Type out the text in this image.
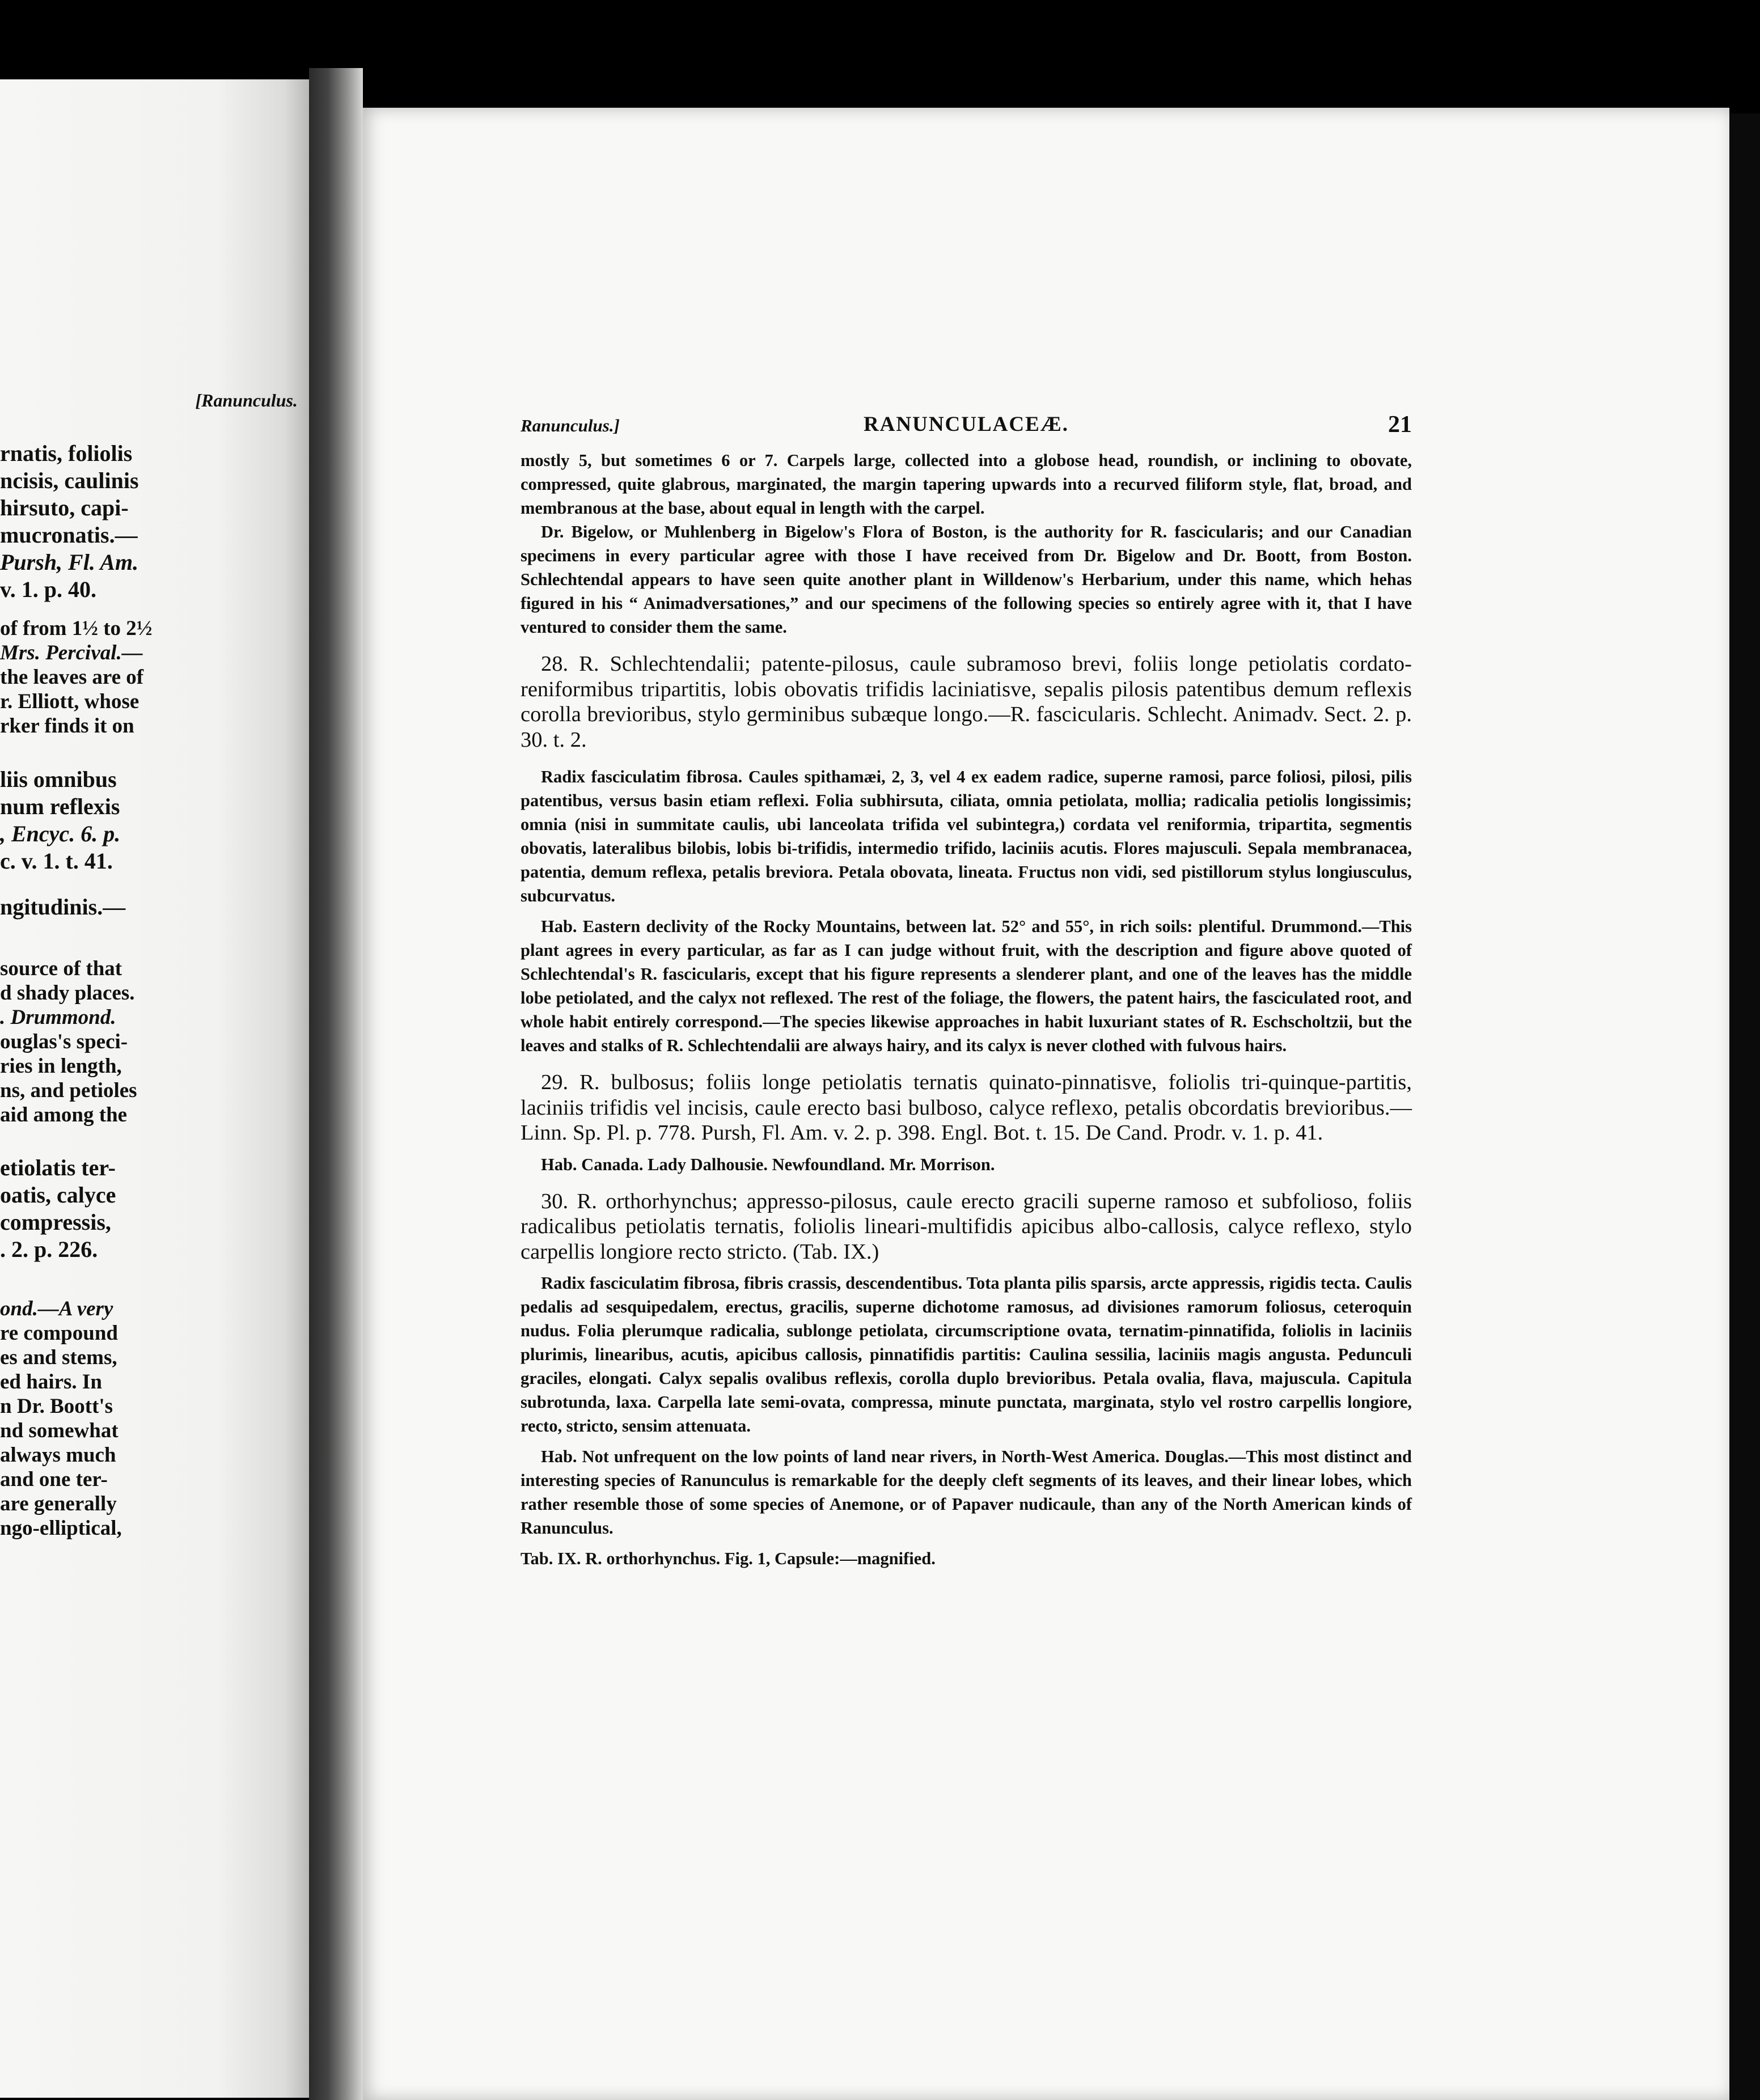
[Ranunculus.
rnatis, foliolis
ncisis, caulinis
hirsuto, capi-
mucronatis.—
Pursh, Fl. Am.
v. 1. p. 40.
of from 1½ to 2½
Mrs. Percival.—
the leaves are of
r. Elliott, whose
rker finds it on
liis omnibus
num reflexis
, Encyc. 6. p.
c. v. 1. t. 41.
ngitudinis.—
source of that
d shady places.
. Drummond.
ouglas's speci-
ries in length,
ns, and petioles
aid among the
etiolatis ter-
oatis, calyce
compressis,
. 2. p. 226.
ond.—A very
re compound
es and stems,
ed hairs. In
n Dr. Boott's
nd somewhat
always much
and one ter-
are generally
ngo-elliptical,
Ranunculus.]	RANUNCULACEÆ.	21

mostly 5, but sometimes 6 or 7. Carpels large, collected into a globose head, roundish, or inclining to obovate, compressed, quite glabrous, marginated, the margin tapering upwards into a recurved filiform style, flat, broad, and membranous at the base, about equal in length with the carpel.

Dr. Bigelow, or Muhlenberg in Bigelow's Flora of Boston, is the authority for R. fascicularis; and our Canadian specimens in every particular agree with those I have received from Dr. Bigelow and Dr. Boott, from Boston. Schlechtendal appears to have seen quite another plant in Willdenow's Herbarium, under this name, which hehas figured in his “ Animadversationes,” and our specimens of the following species so entirely agree with it, that I have ventured to consider them the same.

28. R. Schlechtendalii; patente-pilosus, caule subramoso brevi, foliis longe petiolatis cordato-reniformibus tripartitis, lobis obovatis trifidis laciniatisve, sepalis pilosis patentibus demum reflexis corolla brevioribus, stylo germinibus subæque longo.—R. fascicularis. Schlecht. Animadv. Sect. 2. p. 30. t. 2.

Radix fasciculatim fibrosa. Caules spithamæi, 2, 3, vel 4 ex eadem radice, superne ramosi, parce foliosi, pilosi, pilis patentibus, versus basin etiam reflexi. Folia subhirsuta, ciliata, omnia petiolata, mollia; radicalia petiolis longissimis; omnia (nisi in summitate caulis, ubi lanceolata trifida vel subintegra,) cordata vel reniformia, tripartita, segmentis obovatis, lateralibus bilobis, lobis bi-trifidis, intermedio trifido, laciniis acutis. Flores majusculi. Sepala membranacea, patentia, demum reflexa, petalis breviora. Petala obovata, lineata. Fructus non vidi, sed pistillorum stylus longiusculus, subcurvatus.

Hab. Eastern declivity of the Rocky Mountains, between lat. 52° and 55°, in rich soils: plentiful. Drummond.—This plant agrees in every particular, as far as I can judge without fruit, with the description and figure above quoted of Schlechtendal's R. fascicularis, except that his figure represents a slenderer plant, and one of the leaves has the middle lobe petiolated, and the calyx not reflexed. The rest of the foliage, the flowers, the patent hairs, the fasciculated root, and whole habit entirely correspond.—The species likewise approaches in habit luxuriant states of R. Eschscholtzii, but the leaves and stalks of R. Schlechtendalii are always hairy, and its calyx is never clothed with fulvous hairs.

29. R. bulbosus; foliis longe petiolatis ternatis quinato-pinnatisve, foliolis tri-quinque-partitis, laciniis trifidis vel incisis, caule erecto basi bulboso, calyce reflexo, petalis obcordatis brevioribus.—Linn. Sp. Pl. p. 778. Pursh, Fl. Am. v. 2. p. 398. Engl. Bot. t. 15. De Cand. Prodr. v. 1. p. 41.

Hab. Canada. Lady Dalhousie. Newfoundland. Mr. Morrison.

30. R. orthorhynchus; appresso-pilosus, caule erecto gracili superne ramoso et subfolioso, foliis radicalibus petiolatis ternatis, foliolis lineari-multifidis apicibus albo-callosis, calyce reflexo, stylo carpellis longiore recto stricto. (Tab. IX.)

Radix fasciculatim fibrosa, fibris crassis, descendentibus. Tota planta pilis sparsis, arcte appressis, rigidis tecta. Caulis pedalis ad sesquipedalem, erectus, gracilis, superne dichotome ramosus, ad divisiones ramorum foliosus, ceteroquin nudus. Folia plerumque radicalia, sublonge petiolata, circumscriptione ovata, ternatim-pinnatifida, foliolis in laciniis plurimis, linearibus, acutis, apicibus callosis, pinnatifidis partitis: Caulina sessilia, laciniis magis angusta. Pedunculi graciles, elongati. Calyx sepalis ovalibus reflexis, corolla duplo brevioribus. Petala ovalia, flava, majuscula. Capitula subrotunda, laxa. Carpella late semi-ovata, compressa, minute punctata, marginata, stylo vel rostro carpellis longiore, recto, stricto, sensim attenuata.

Hab. Not unfrequent on the low points of land near rivers, in North-West America. Douglas.—This most distinct and interesting species of Ranunculus is remarkable for the deeply cleft segments of its leaves, and their linear lobes, which rather resemble those of some species of Anemone, or of Papaver nudicaule, than any of the North American kinds of Ranunculus.

Tab. IX. R. orthorhynchus. Fig. 1, Capsule:—magnified.
